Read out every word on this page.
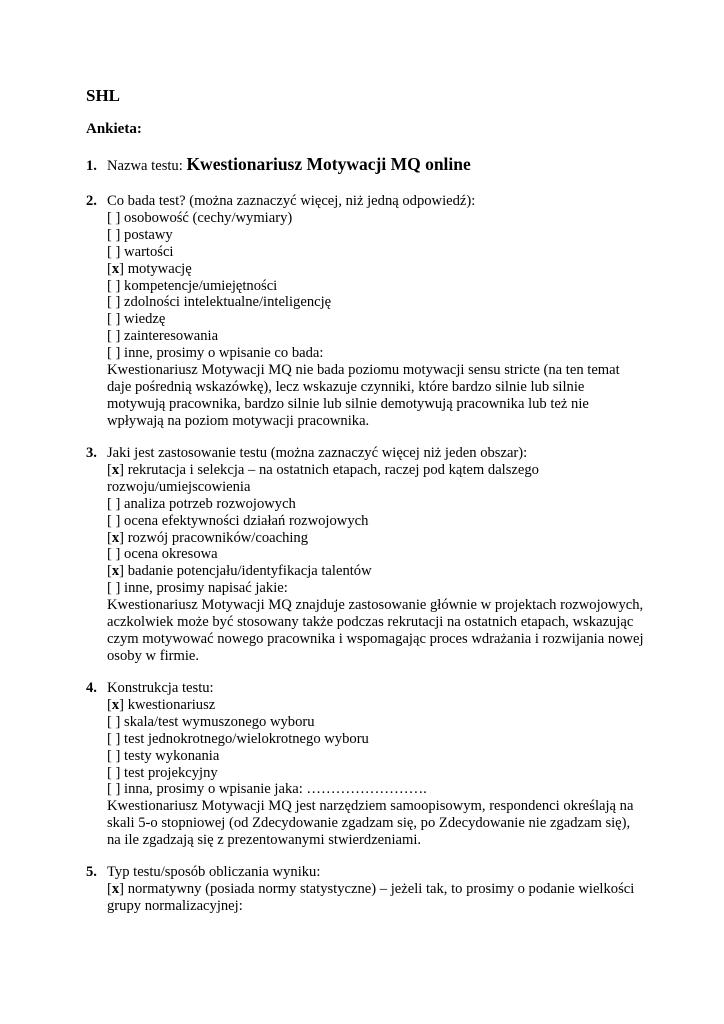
SHL
Ankieta:
1. Nazwa testu: Kwestionariusz Motywacji MQ online
2. Co bada test? (można zaznaczyć więcej, niż jedną odpowiedź):
[ ] osobowość (cechy/wymiary)
[ ] postawy
[ ] wartości
[x] motywację
[ ] kompetencje/umiejętności
[ ] zdolności intelektualne/inteligencję
[ ] wiedzę
[ ] zainteresowania
[ ] inne, prosimy o wpisanie co bada:
Kwestionariusz Motywacji MQ nie bada poziomu motywacji sensu stricte (na ten temat daje pośrednią wskazówkę), lecz wskazuje czynniki, które bardzo silnie lub silnie motywują pracownika, bardzo silnie lub silnie demotywują pracownika lub też nie wpływają na poziom motywacji pracownika.
3. Jaki jest zastosowanie testu (można zaznaczyć więcej niż jeden obszar):
[x] rekrutacja i selekcja – na ostatnich etapach, raczej pod kątem dalszego rozwoju/umiejscowienia
[ ] analiza potrzeb rozwojowych
[ ] ocena efektywności działań rozwojowych
[x] rozwój pracowników/coaching
[ ] ocena okresowa
[x] badanie potencjału/identyfikacja talentów
[ ] inne, prosimy napisać jakie:
Kwestionariusz Motywacji MQ znajduje zastosowanie głównie w projektach rozwojowych, aczkolwiek może być stosowany także podczas rekrutacji na ostatnich etapach, wskazując czym motywować nowego pracownika i wspomagając proces wdrażania i rozwijania nowej osoby w firmie.
4. Konstrukcja testu:
[x] kwestionariusz
[ ] skala/test wymuszonego wyboru
[ ] test jednokrotnego/wielokrotnego wyboru
[ ] testy wykonania
[ ] test projekcyjny
[ ] inna, prosimy o wpisanie jaka: …………………….
Kwestionariusz Motywacji MQ jest narzędziem samoopisowym, respondenci określają na skali 5-o stopniowej (od Zdecydowanie zgadzam się, po Zdecydowanie nie zgadzam się), na ile zgadzają się z prezentowanymi stwierdzeniami.
5. Typ testu/sposób obliczania wyniku:
[x] normatywny (posiada normy statystyczne) – jeżeli tak, to prosimy o podanie wielkości grupy normalizacyjnej:
